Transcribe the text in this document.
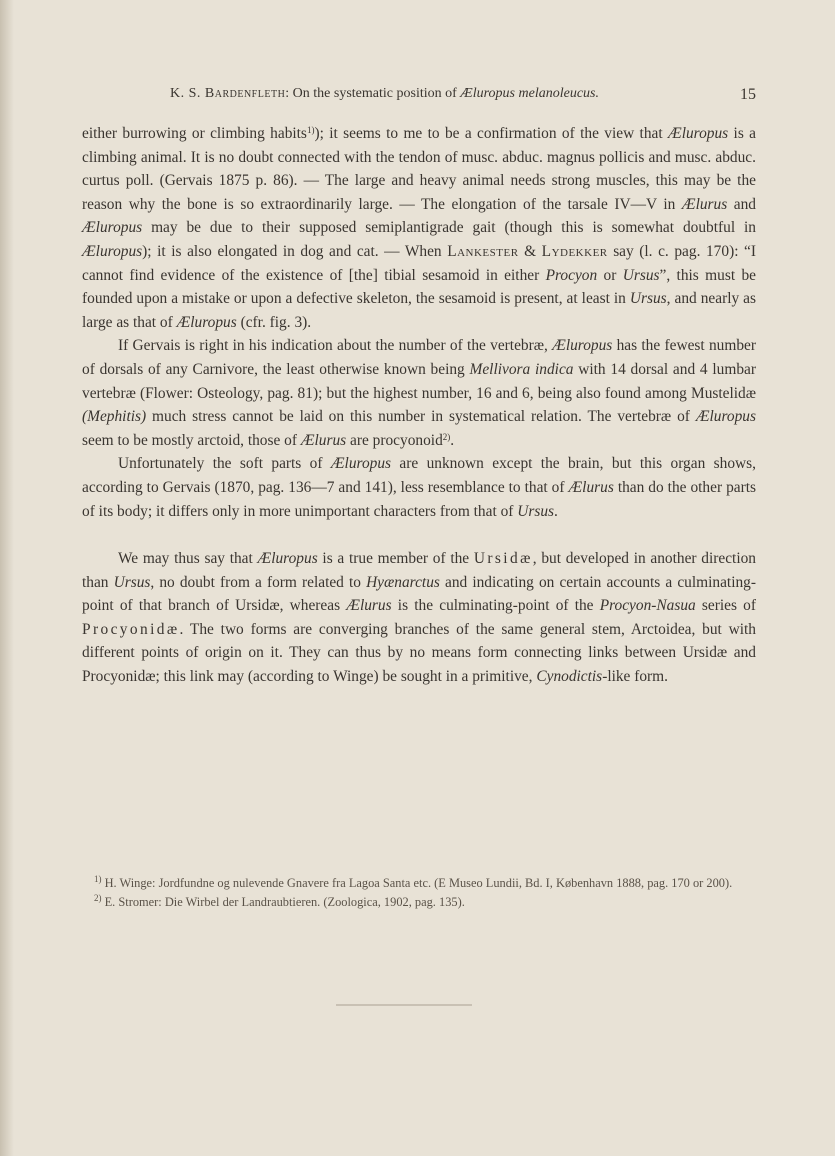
K. S. Bardenfleth: On the systematic position of Æluropus melanoleucus.	15

either burrowing or climbing habits$^{1)}$); it seems to me to be a confirmation of the view that Æluropus is a climbing animal. It is no doubt connected with the tendon of musc. abduc. magnus pollicis and musc. abduc. curtus poll. (Gervais 1875 p. 86). — The large and heavy animal needs strong muscles, this may be the reason why the bone is so extraordinarily large. — The elongation of the tarsale IV—V in Ælurus and Æluropus may be due to their supposed semiplantigrade gait (though this is somewhat doubtful in Æluropus); it is also elongated in dog and cat. — When Lankester & Lydekker say (l. c. pag. 170): “I cannot find evidence of the existence of [the] tibial sesamoid in either Procyon or Ursus”, this must be founded upon a mistake or upon a defective skeleton, the sesamoid is present, at least in Ursus, and nearly as large as that of Æluropus (cfr. fig. 3).

If Gervais is right in his indication about the number of the vertebræ, Æluropus has the fewest number of dorsals of any Carnivore, the least otherwise known being Mellivora indica with 14 dorsal and 4 lumbar vertebræ (Flower: Osteology, pag. 81); but the highest number, 16 and 6, being also found among Mustelidæ (Mephitis) much stress cannot be laid on this number in systematical relation. The vertebræ of Æluropus seem to be mostly arctoid, those of Ælurus are procyonoid$^{2)}$.

Unfortunately the soft parts of Æluropus are unknown except the brain, but this organ shows, according to Gervais (1870, pag. 136—7 and 141), less resemblance to that of Ælurus than do the other parts of its body; it differs only in more unimportant characters from that of Ursus.

We may thus say that Æluropus is a true member of the Ursidæ, but developed in another direction than Ursus, no doubt from a form related to Hyænarctus and indicating on certain accounts a culminating-point of that branch of Ursidæ, whereas Ælurus is the culminating-point of the Procyon-Nasua series of Procyonidæ. The two forms are converging branches of the same general stem, Arctoidea, but with different points of origin on it. They can thus by no means form connecting links between Ursidæ and Procyonidæ; this link may (according to Winge) be sought in a primitive, Cynodictis-like form.

$^{1)}$ H. Winge: Jordfundne og nulevende Gnavere fra Lagoa Santa etc. (E Museo Lundii, Bd. I, København 1888, pag. 170 or 200).

$^{2)}$ E. Stromer: Die Wirbel der Landraubtieren. (Zoologica, 1902, pag. 135).
